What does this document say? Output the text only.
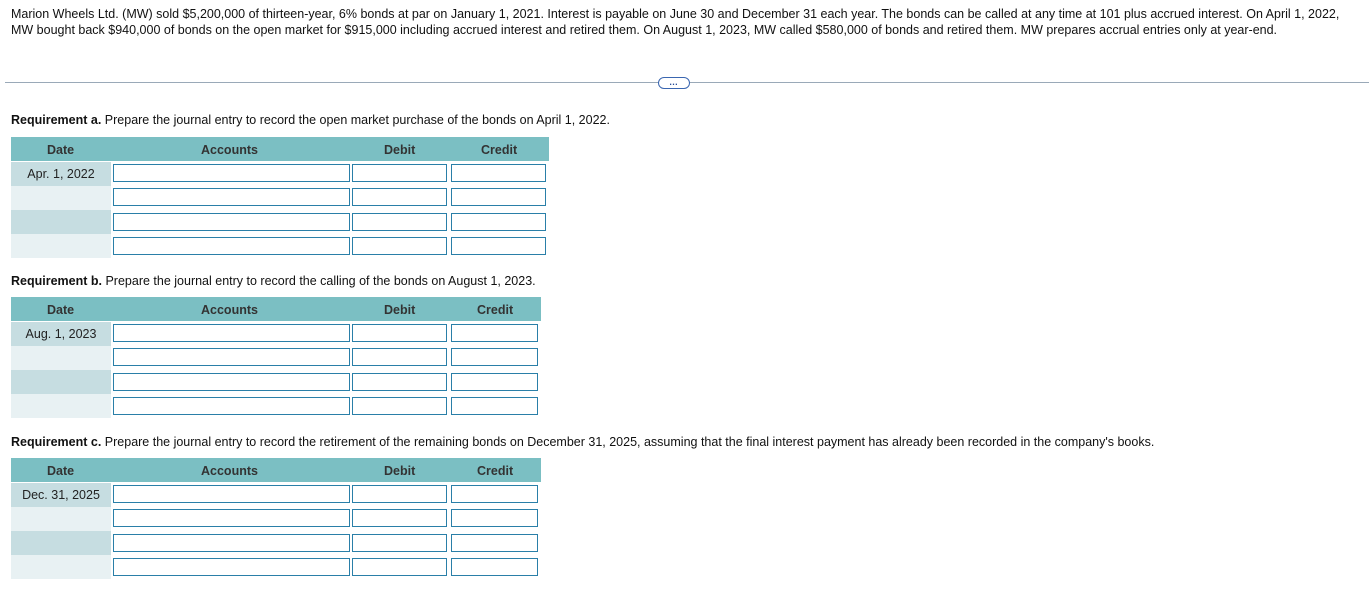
Marion Wheels Ltd. (MW) sold $5,200,000 of thirteen-year, 6% bonds at par on January 1, 2021. Interest is payable on June 30 and December 31 each year. The bonds can be called at any time at 101 plus accrued interest. On April 1, 2022, MW bought back $940,000 of bonds on the open market for $915,000 including accrued interest and retired them. On August 1, 2023, MW called $580,000 of bonds and retired them. MW prepares accrual entries only at year-end.
…
Requirement a. Prepare the journal entry to record the open market purchase of the bonds on April 1, 2022.
Date	Accounts	Debit	Credit
Apr. 1, 2022
Requirement b. Prepare the journal entry to record the calling of the bonds on August 1, 2023.
Date	Accounts	Debit	Credit
Aug. 1, 2023
Requirement c. Prepare the journal entry to record the retirement of the remaining bonds on December 31, 2025, assuming that the final interest payment has already been recorded in the company's books.
Date	Accounts	Debit	Credit
Dec. 31, 2025
